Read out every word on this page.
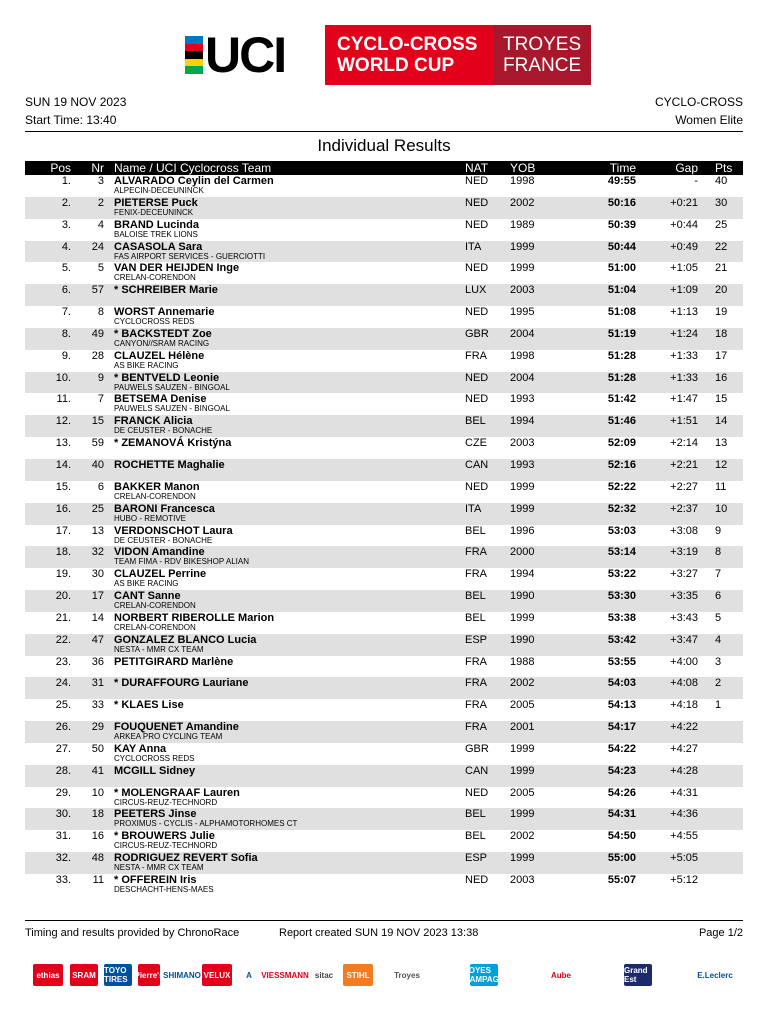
UCI	CYCLO-CROSS
WORLD CUP
TROYES
FRANCE
SUN 19 NOV 2023
Start Time: 13:40
CYCLO-CROSS
Women Elite
Individual Results
Pos Nr Name / UCI Cyclocross Team	NAT YOB	Time	Gap Pts
1. 3 ALVARADO Ceylin del Carmen	NED 1998	49:55	- 40
ALPECIN-DECEUNINCK
2. 2 PIETERSE Puck	NED 2002	50:16	+0:21 30
FENIX-DECEUNINCK
3. 4 BRAND Lucinda	NED 1989	50:39	+0:44 25
BALOISE TREK LIONS
4. 24 CASASOLA Sara	ITA	1999	50:44	+0:49 22
FAS AIRPORT SERVICES - GUERCIOTTI
5. 5 VAN DER HEIJDEN Inge	NED 1999	51:00	+1:05 21
CRELAN-CORENDON
6. 57 * SCHREIBER Marie	LUX 2003	51:04	+1:09 20
7. 8 WORST Annemarie	NED 1995	51:08	+1:13 19
CYCLOCROSS REDS
8. 49 * BACKSTEDT Zoe	GBR 2004	51:19	+1:24 18
CANYON//SRAM RACING
9. 28 CLAUZEL Hélène	FRA 1998	51:28	+1:33 17
AS BIKE RACING
10. 9 * BENTVELD Leonie	NED 2004	51:28	+1:33 16
PAUWELS SAUZEN - BINGOAL
11. 7 BETSEMA Denise	NED 1993	51:42	+1:47 15
PAUWELS SAUZEN - BINGOAL
12. 15 FRANCK Alicia	BEL 1994	51:46	+1:51 14
DE CEUSTER - BONACHE
13. 59 * ZEMANOVÁ Kristýna	CZE 2003	52:09	+2:14 13
14. 40 ROCHETTE Maghalie	CAN 1993	52:16	+2:21 12
15. 6 BAKKER Manon	NED 1999	52:22	+2:27 11
CRELAN-CORENDON
16. 25 BARONI Francesca	ITA	1999	52:32	+2:37 10
HUBO - REMOTIVE
17. 13 VERDONSCHOT Laura	BEL 1996	53:03	+3:08 9
DE CEUSTER - BONACHE
18. 32 VIDON Amandine	FRA 2000	53:14	+3:19 8
TEAM FIMA - RDV BIKESHOP ALIAN
19. 30 CLAUZEL Perrine	FRA 1994	53:22	+3:27 7
AS BIKE RACING
20. 17 CANT Sanne	BEL 1990	53:30	+3:35 6
CRELAN-CORENDON
21. 14 NORBERT RIBEROLLE Marion	BEL 1999	53:38	+3:43 5
CRELAN-CORENDON
22. 47 GONZALEZ BLANCO Lucia	ESP 1990	53:42	+3:47 4
NESTA - MMR CX TEAM
23. 36 PETITGIRARD Marlène	FRA 1988	53:55	+4:00 3
24. 31 * DURAFFOURG Lauriane	FRA 2002	54:03	+4:08 2
25. 33 * KLAES Lise	FRA 2005	54:13	+4:18 1
26. 29 FOUQUENET Amandine	FRA 2001	54:17	+4:22
ARKEA PRO CYCLING TEAM
27. 50 KAY Anna	GBR 1999	54:22	+4:27
CYCLOCROSS REDS
28. 41 MCGILL Sidney	CAN 1999	54:23	+4:28
29. 10 * MOLENGRAAF Lauren	NED 2005	54:26	+4:31
CIRCUS-REUZ-TECHNORD
30. 18 PEETERS Jinse	BEL 1999	54:31	+4:36
PROXIMUS - CYCLIS - ALPHAMOTORHOMES CT
31. 16 * BROUWERS Julie	BEL 2002	54:50	+4:55
CIRCUS-REUZ-TECHNORD
32. 48 RODRIGUEZ REVERT Sofia	ESP 1999	55:00	+5:05
NESTA - MMR CX TEAM
33. 11 * OFFEREIN Iris	NED 2003	55:07	+5:12
DESCHACHT-HENS-MAES
Timing and results provided by ChronoRace	Report created SUN 19 NOV 2023 13:38	Page 1/2
ethias	SRAM TOYO TIRES Pierre's SHIMANO VELUX	A	VIESSMANN sitac	STIHL	Troyes	TROYES CHAMPAGNE	Aube	Grand Est	E.Leclerc
